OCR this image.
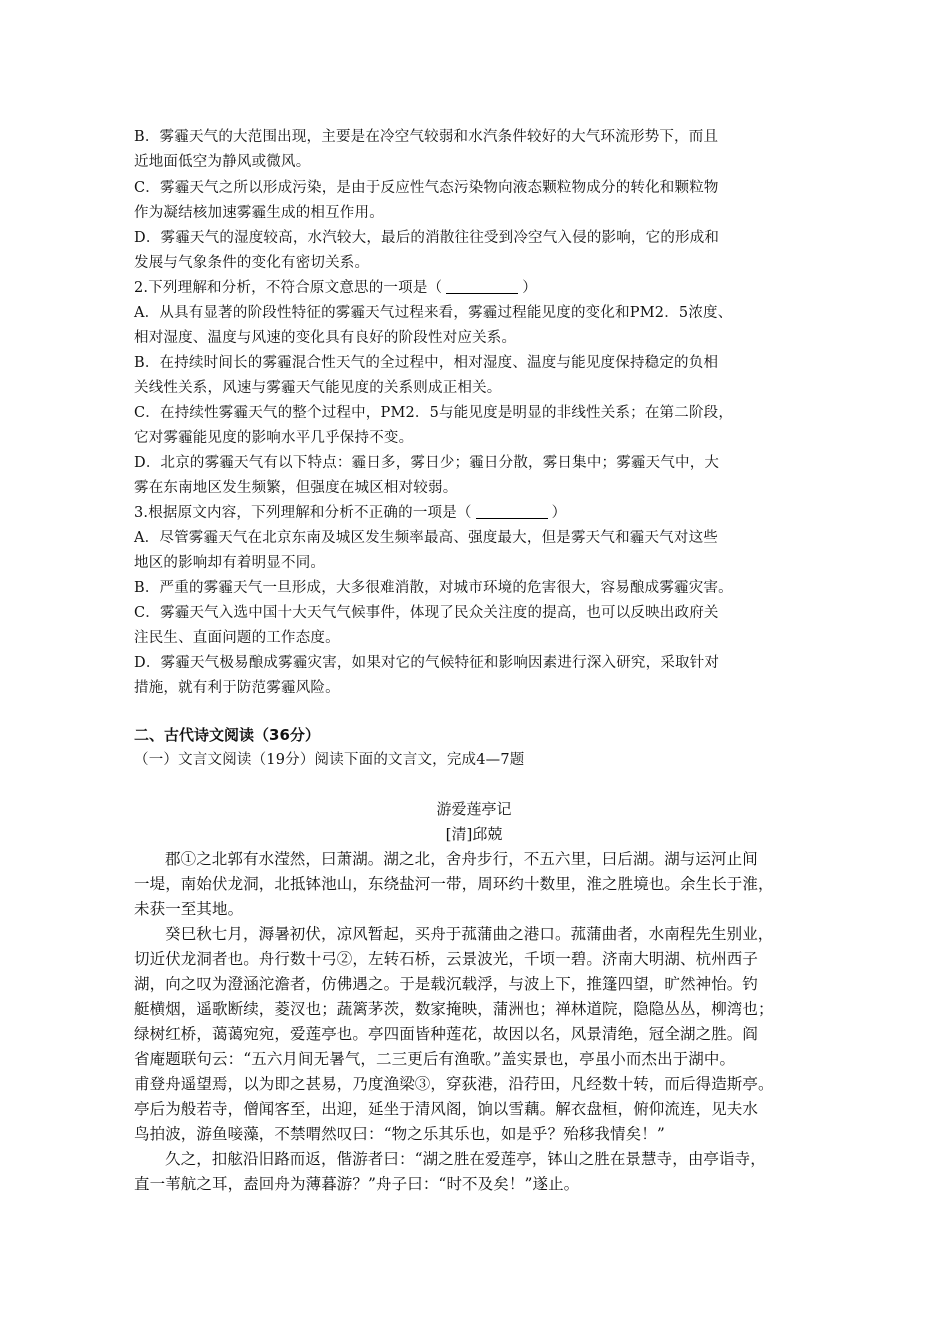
B．雾霾天气的大范围出现，主要是在冷空气较弱和水汽条件较好的大气环流形势下，而且
近地面低空为静风或微风。
C．雾霾天气之所以形成污染，是由于反应性气态污染物向液态颗粒物成分的转化和颗粒物
作为凝结核加速雾霾生成的相互作用。
D．雾霾天气的湿度较高，水汽较大，最后的消散往往受到冷空气入侵的影响，它的形成和
发展与气象条件的变化有密切关系。
2.下列理解和分析，不符合原文意思的一项是（	）
A．从具有显著的阶段性特征的雾霾天气过程来看，雾霾过程能见度的变化和PM2．5浓度、
相对湿度、温度与风速的变化具有良好的阶段性对应关系。
B．在持续时间长的雾霾混合性天气的全过程中，相对湿度、温度与能见度保持稳定的负相
关线性关系，风速与雾霾天气能见度的关系则成正相关。
C．在持续性雾霾天气的整个过程中，PM2．5与能见度是明显的非线性关系；在第二阶段，
它对雾霾能见度的影响水平几乎保持不变。
D．北京的雾霾天气有以下特点：霾日多，雾日少；霾日分散，雾日集中；雾霾天气中，大
雾在东南地区发生频繁，但强度在城区相对较弱。
3.根据原文内容，下列理解和分析不正确的一项是（	）
A．尽管雾霾天气在北京东南及城区发生频率最高、强度最大，但是雾天气和霾天气对这些
地区的影响却有着明显不同。
B．严重的雾霾天气一旦形成，大多很难消散，对城市环境的危害很大，容易酿成雾霾灾害。
C．雾霾天气入选中国十大天气气候事件，体现了民众关注度的提高，也可以反映出政府关
注民生、直面问题的工作态度。
D．雾霾天气极易酿成雾霾灾害，如果对它的气候特征和影响因素进行深入研究，采取针对
措施，就有利于防范雾霾风险。
二、古代诗文阅读（36分）
（一）文言文阅读（19分）阅读下面的文言文，完成4—7题
游爱莲亭记
[清]邱兢
郡①之北郭有水滢然，曰萧湖。湖之北，舍舟步行，不五六里，曰后湖。湖与运河止间
一堤，南始伏龙洞，北抵钵池山，东绕盐河一带，周环约十数里，淮之胜境也。余生长于淮，
未获一至其地。
癸巳秋七月，溽暑初伏，凉风暂起，买舟于菰蒲曲之港口。菰蒲曲者，水南程先生别业，
切近伏龙洞者也。舟行数十弓②，左转石桥，云景波光，千顷一碧。济南大明湖、杭州西子
湖，向之叹为澄涵沱澹者，仿佛遇之。于是载沉载浮，与波上下，推篷四望，旷然神怡。钓
艇横烟，遥歌断续，菱汊也；蔬篱茅茨，数家掩映，蒲洲也；禅林道院，隐隐丛丛，柳湾也；
绿树红桥，蔼蔼宛宛，爱莲亭也。亭四面皆种莲花，故因以名，风景清绝，冠全湖之胜。阎
省庵题联句云：“五六月间无暑气，二三更后有渔歌。”盖实景也，亭虽小而杰出于湖中。
甫登舟遥望焉，以为即之甚易，乃度渔梁③，穿荻港，沿荇田，凡经数十转，而后得造斯亭。
亭后为般若寺，僧闻客至，出迎，延坐于清风阁，饷以雪藕。解衣盘桓，俯仰流连，见夫水
鸟拍波，游鱼唼藻，不禁喟然叹曰：“物之乐其乐也，如是乎？殆移我情矣！”
久之，扣舷沿旧路而返，偕游者曰：“湖之胜在爱莲亭，钵山之胜在景慧寺，由亭诣寺，
直一苇航之耳，盍回舟为薄暮游？”舟子曰：“时不及矣！”遂止。
